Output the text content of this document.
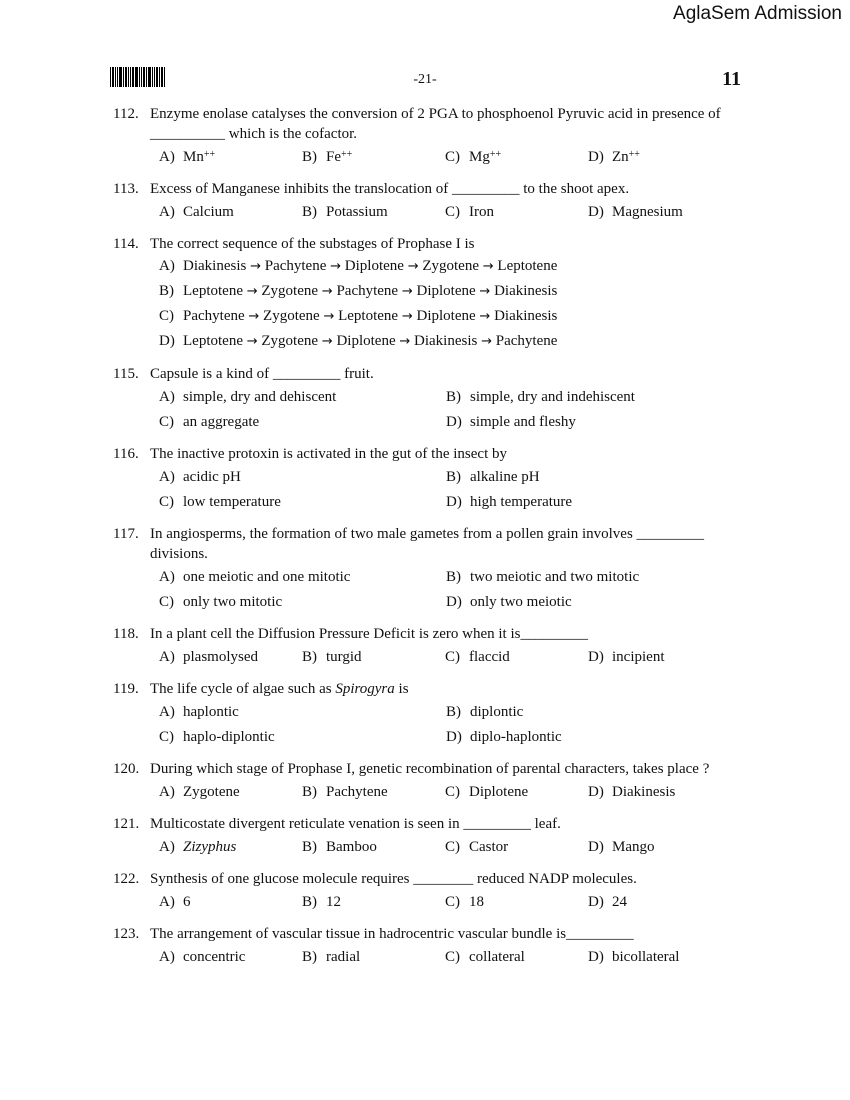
AglaSem Admission
-21-	11
112. Enzyme enolase catalyses the conversion of 2 PGA to phosphoenol Pyruvic acid in presence of __________ which is the cofactor.
A) Mn++	B) Fe++	C) Mg++	D) Zn++
113. Excess of Manganese inhibits the translocation of _________ to the shoot apex.
A) Calcium	B) Potassium	C) Iron	D) Magnesium
114. The correct sequence of the substages of Prophase I is
A) Diakinesis → Pachytene → Diplotene → Zygotene → Leptotene
B) Leptotene → Zygotene → Pachytene → Diplotene → Diakinesis
C) Pachytene → Zygotene → Leptotene → Diplotene → Diakinesis
D) Leptotene → Zygotene → Diplotene → Diakinesis → Pachytene
115. Capsule is a kind of _________ fruit.
A) simple, dry and dehiscent	B) simple, dry and indehiscent
C) an aggregate	D) simple and fleshy
116. The inactive protoxin is activated in the gut of the insect by
A) acidic pH	B) alkaline pH
C) low temperature	D) high temperature
117. In angiosperms, the formation of two male gametes from a pollen grain involves _________ divisions.
A) one meiotic and one mitotic	B) two meiotic and two mitotic
C) only two mitotic	D) only two meiotic
118. In a plant cell the Diffusion Pressure Deficit is zero when it is_________
A) plasmolysed	B) turgid	C) flaccid	D) incipient
119. The life cycle of algae such as Spirogyra is
A) haplontic	B) diplontic
C) haplo-diplontic	D) diplo-haplontic
120. During which stage of Prophase I, genetic recombination of parental characters, takes place ?
A) Zygotene	B) Pachytene	C) Diplotene	D) Diakinesis
121. Multicostate divergent reticulate venation is seen in _________ leaf.
A) Zizyphus	B) Bamboo	C) Castor	D) Mango
122. Synthesis of one glucose molecule requires ________ reduced NADP molecules.
A) 6	B) 12	C) 18	D) 24
123. The arrangement of vascular tissue in hadrocentric vascular bundle is_________
A) concentric	B) radial	C) collateral	D) bicollateral
